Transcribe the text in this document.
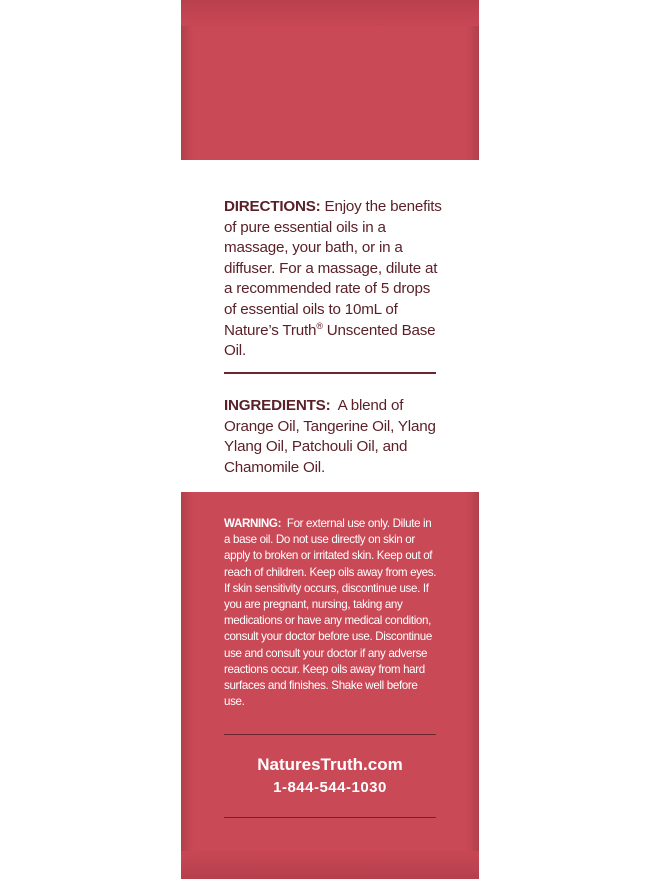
DIRECTIONS: Enjoy the benefits of pure essential oils in a massage, your bath, or in a diffuser. For a massage, dilute at a recommended rate of 5 drops of essential oils to 10mL of Nature’s Truth® Unscented Base Oil.
INGREDIENTS:  A blend of Orange Oil, Tangerine Oil, Ylang Ylang Oil, Patchouli Oil, and Chamomile Oil.
WARNING:  For external use only. Dilute in a base oil. Do not use directly on skin or apply to broken or irritated skin. Keep out of reach of children. Keep oils away from eyes. If skin sensitivity occurs, discontinue use. If you are pregnant, nursing, taking any medications or have any medical condition, consult your doctor before use. Discontinue use and consult your doctor if any adverse reactions occur. Keep oils away from hard surfaces and finishes. Shake well before use.
NaturesTruth.com
1-844-544-1030
